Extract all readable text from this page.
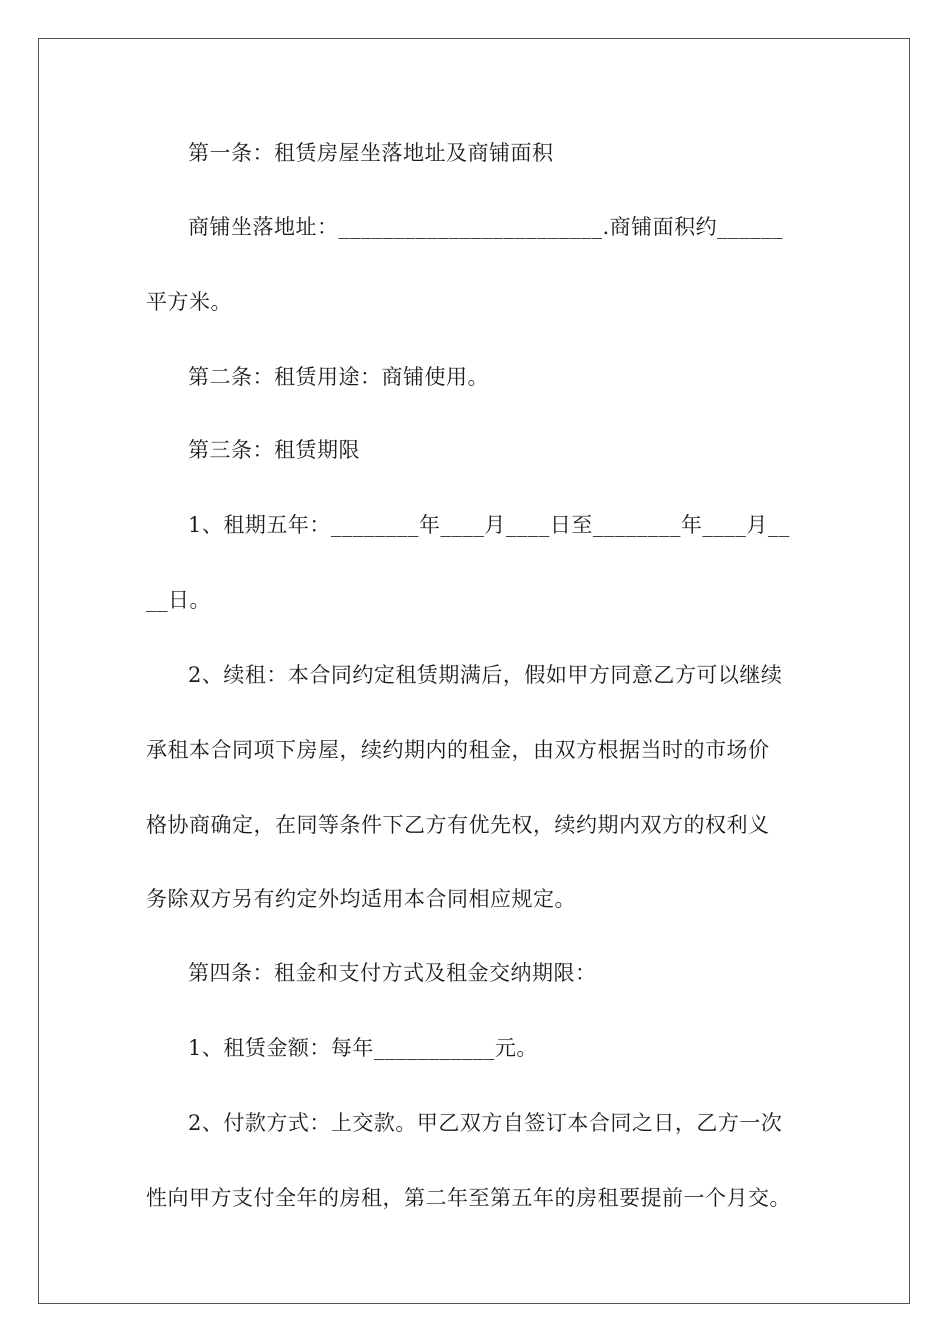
第一条：租赁房屋坐落地址及商铺面积
商铺坐落地址：________________________.商铺面积约______
平方米。
第二条：租赁用途：商铺使用。
第三条：租赁期限
1、租期五年：________年____月____日至________年____月__
__日。
2、续租：本合同约定租赁期满后，假如甲方同意乙方可以继续
承租本合同项下房屋，续约期内的租金，由双方根据当时的市场价
格协商确定，在同等条件下乙方有优先权，续约期内双方的权利义
务除双方另有约定外均适用本合同相应规定。
第四条：租金和支付方式及租金交纳期限：
1、租赁金额：每年___________元。
2、付款方式：上交款。甲乙双方自签订本合同之日，乙方一次
性向甲方支付全年的房租，第二年至第五年的房租要提前一个月交。
